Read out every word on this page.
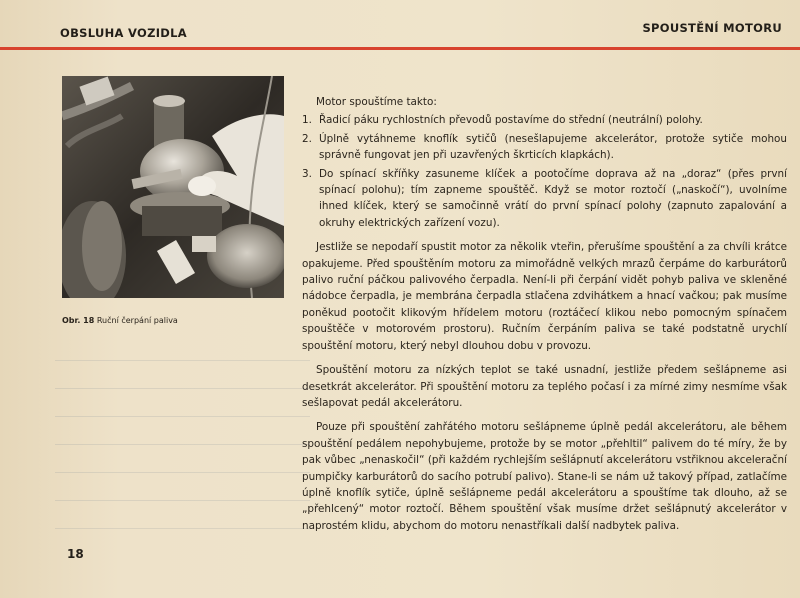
OBSLUHA VOZIDLA	SPOUSTĚNÍ MOTORU
Obr. 18 Ruční čerpání paliva

Motor spouštíme takto:

1. Řadicí páku rychlostních převodů postavíme do střední (neutrální) polohy.
2. Úplně vytáhneme knoflík sytičů (nesešlapujeme akcelerátor, protože sytiče mohou správně fungovat jen při uzavřených škrticích klapkách).
3. Do spínací skříňky zasuneme klíček a pootočíme doprava až na „doraz“ (přes první spínací polohu); tím zapneme spouštěč. Když se motor roztočí („naskočí“), uvolníme ihned klíček, který se samočinně vrátí do první spínací polohy (zapnuto zapalování a okruhy elektrických zařízení vozu).

Jestliže se nepodaří spustit motor za několik vteřin, přerušíme spouštění a za chvíli krátce opakujeme. Před spouštěním motoru za mimořádně velkých mrazů čerpáme do karburátorů palivo ruční páčkou palivového čerpadla. Není-li při čerpání vidět pohyb paliva ve skleněné nádobce čerpadla, je membrána čerpadla stlačena zdvihátkem a hnací vačkou; pak musíme poněkud pootočit klikovým hřídelem motoru (roztáčecí klikou nebo pomocným spínačem spouštěče v motorovém prostoru). Ručním čerpáním paliva se také podstatně urychlí spouštění motoru, který nebyl dlouhou dobu v provozu.

Spouštění motoru za nízkých teplot se také usnadní, jestliže předem sešlápneme asi desetkrát akcelerátor. Při spouštění motoru za teplého počasí i za mírné zimy nesmíme však sešlapovat pedál akcelerátoru.

Pouze při spouštění zahřátého motoru sešlápneme úplně pedál akcelerátoru, ale během spouštění pedálem nepohybujeme, protože by se motor „přehltil“ palivem do té míry, že by pak vůbec „nenaskočil“ (při každém rychlejším sešlápnutí akcelerátoru vstřiknou akcelerační pumpičky karburátorů do sacího potrubí palivo). Stane-li se nám už takový případ, zatlačíme úplně knoflík sytiče, úplně sešlápneme pedál akcelerátoru a spouštíme tak dlouho, až se „přehlcený“ motor roztočí. Během spouštění však musíme držet sešlápnutý akcelerátor v naprostém klidu, abychom do motoru nenastříkali další nadbytek paliva.

18
